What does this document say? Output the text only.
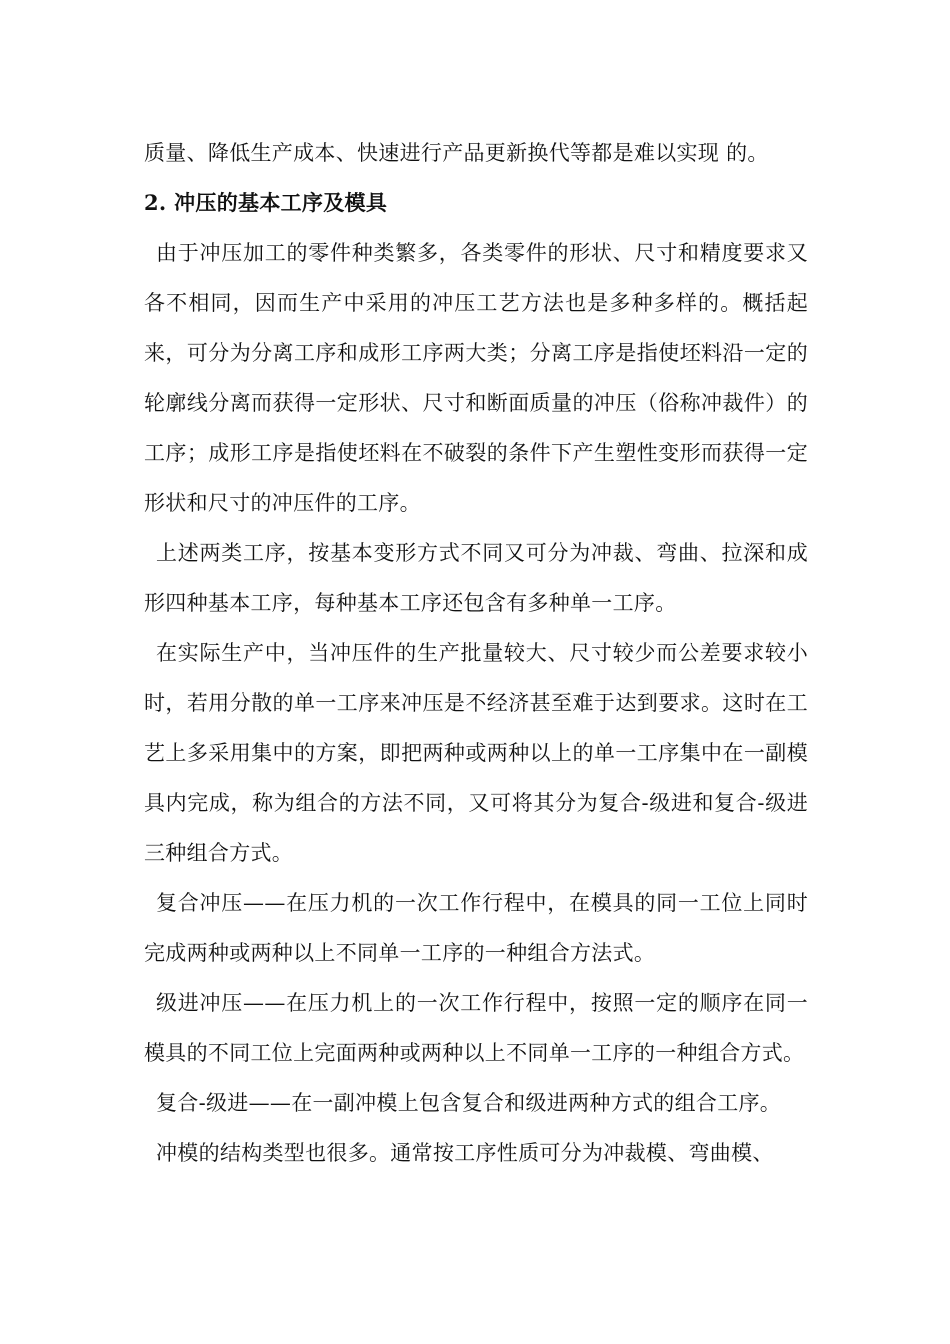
质量、降低生产成本、快速进行产品更新换代等都是难以实现 的。

2. 冲压的基本工序及模具

由于冲压加工的零件种类繁多，各类零件的形状、尺寸和精度要求又各不相同，因而生产中采用的冲压工艺方法也是多种多样的。概括起来，可分为分离工序和成形工序两大类；分离工序是指使坯料沿一定的轮廓线分离而获得一定形状、尺寸和断面质量的冲压（俗称冲裁件）的工序；成形工序是指使坯料在不破裂的条件下产生塑性变形而获得一定形状和尺寸的冲压件的工序。

上述两类工序，按基本变形方式不同又可分为冲裁、弯曲、拉深和成形四种基本工序，每种基本工序还包含有多种单一工序。

在实际生产中，当冲压件的生产批量较大、尺寸较少而公差要求较小时，若用分散的单一工序来冲压是不经济甚至难于达到要求。这时在工艺上多采用集中的方案，即把两种或两种以上的单一工序集中在一副模具内完成，称为组合的方法不同，又可将其分为复合-级进和复合-级进三种组合方式。

复合冲压——在压力机的一次工作行程中，在模具的同一工位上同时完成两种或两种以上不同单一工序的一种组合方法式。

级进冲压——在压力机上的一次工作行程中，按照一定的顺序在同一模具的不同工位上完面两种或两种以上不同单一工序的一种组合方式。

复合-级进——在一副冲模上包含复合和级进两种方式的组合工序。

冲模的结构类型也很多。通常按工序性质可分为冲裁模、弯曲模、
